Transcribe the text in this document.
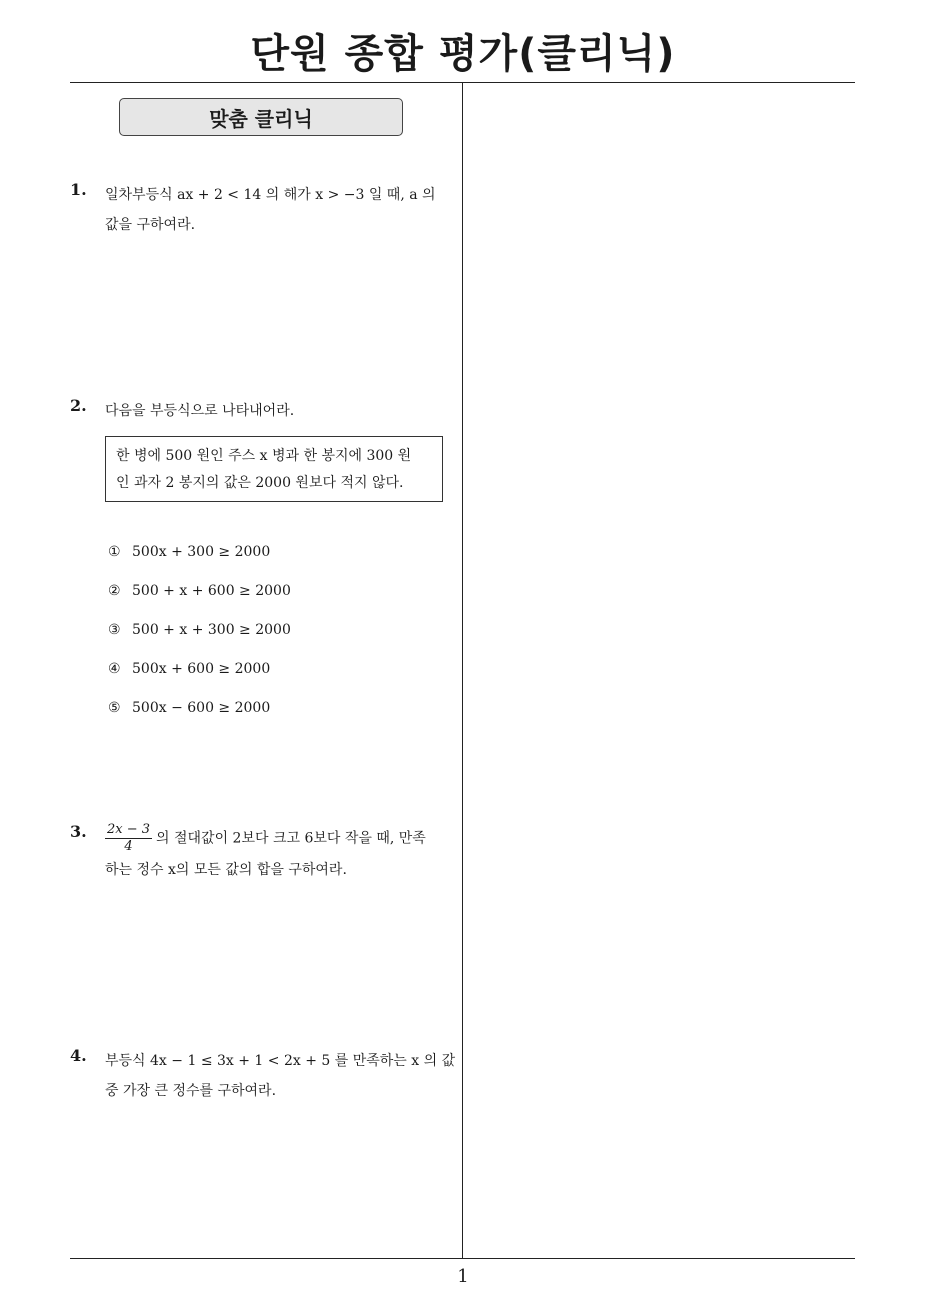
단원 종합 평가(클리닉)
맞춤 클리닉
1 .	일차부등식 ax + 2 < 14 의 해가 x > −3 일 때, a 의
값을 구하여라.
2 .	다음을 부등식으로 나타내어라.
한 병에 500 원인 주스 x 병과 한 봉지에 300 원
인 과자 2 봉지의 값은 2000 원보다 적지 않다.
① 500x + 300 ≥ 2000
② 500 + x + 600 ≥ 2000
③ 500 + x + 300 ≥ 2000
④ 500x + 600 ≥ 2000
⑤ 500x − 600 ≥ 2000
3 .	$\frac{2x - 3}{4}$ 의 절대값이 2보다 크고 6보다 작을 때, 만족
하는 정수 x의 모든 값의 합을 구하여라.
4 .	부등식 4x − 1 ≤ 3x + 1 < 2x + 5 를 만족하는 x 의 값
중 가장 큰 정수를 구하여라.
1
